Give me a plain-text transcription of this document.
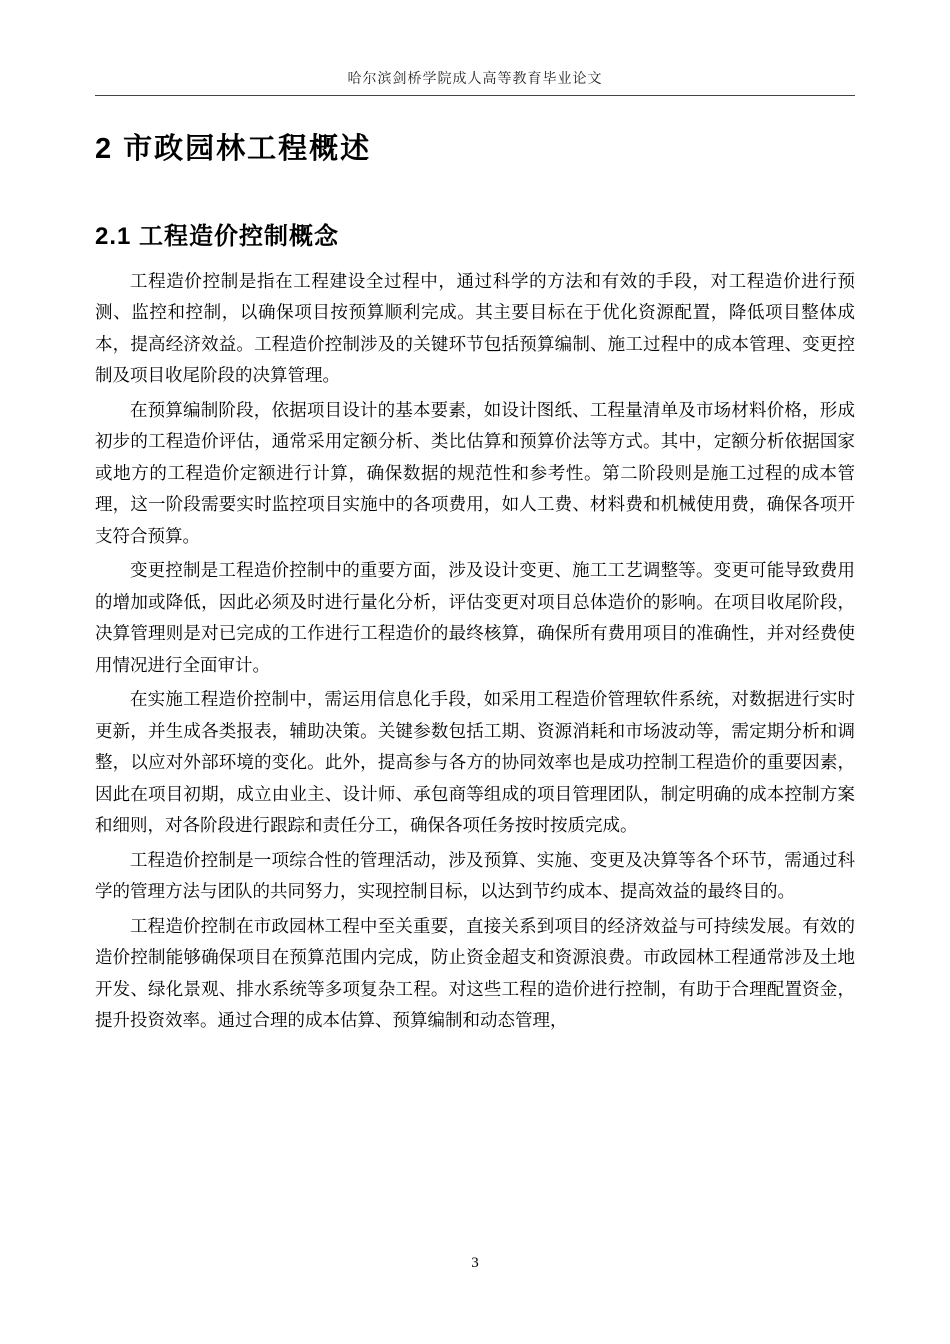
哈尔滨剑桥学院成人高等教育毕业论文
2 市政园林工程概述
2.1 工程造价控制概念

工程造价控制是指在工程建设全过程中，通过科学的方法和有效的手段，对工程造价进行预测、监控和控制，以确保项目按预算顺利完成。其主要目标在于优化资源配置，降低项目整体成本，提高经济效益。工程造价控制涉及的关键环节包括预算编制、施工过程中的成本管理、变更控制及项目收尾阶段的决算管理。

在预算编制阶段，依据项目设计的基本要素，如设计图纸、工程量清单及市场材料价格，形成初步的工程造价评估，通常采用定额分析、类比估算和预算价法等方式。其中，定额分析依据国家或地方的工程造价定额进行计算，确保数据的规范性和参考性。第二阶段则是施工过程的成本管理，这一阶段需要实时监控项目实施中的各项费用，如人工费、材料费和机械使用费，确保各项开支符合预算。

变更控制是工程造价控制中的重要方面，涉及设计变更、施工工艺调整等。变更可能导致费用的增加或降低，因此必须及时进行量化分析，评估变更对项目总体造价的影响。在项目收尾阶段，决算管理则是对已完成的工作进行工程造价的最终核算，确保所有费用项目的准确性，并对经费使用情况进行全面审计。

在实施工程造价控制中，需运用信息化手段，如采用工程造价管理软件系统，对数据进行实时更新，并生成各类报表，辅助决策。关键参数包括工期、资源消耗和市场波动等，需定期分析和调整，以应对外部环境的变化。此外，提高参与各方的协同效率也是成功控制工程造价的重要因素，因此在项目初期，成立由业主、设计师、承包商等组成的项目管理团队，制定明确的成本控制方案和细则，对各阶段进行跟踪和责任分工，确保各项任务按时按质完成。

工程造价控制是一项综合性的管理活动，涉及预算、实施、变更及决算等各个环节，需通过科学的管理方法与团队的共同努力，实现控制目标，以达到节约成本、提高效益的最终目的。

工程造价控制在市政园林工程中至关重要，直接关系到项目的经济效益与可持续发展。有效的造价控制能够确保项目在预算范围内完成，防止资金超支和资源浪费。市政园林工程通常涉及土地开发、绿化景观、排水系统等多项复杂工程。对这些工程的造价进行控制，有助于合理配置资金，提升投资效率。通过合理的成本估算、预算编制和动态管理，

3
